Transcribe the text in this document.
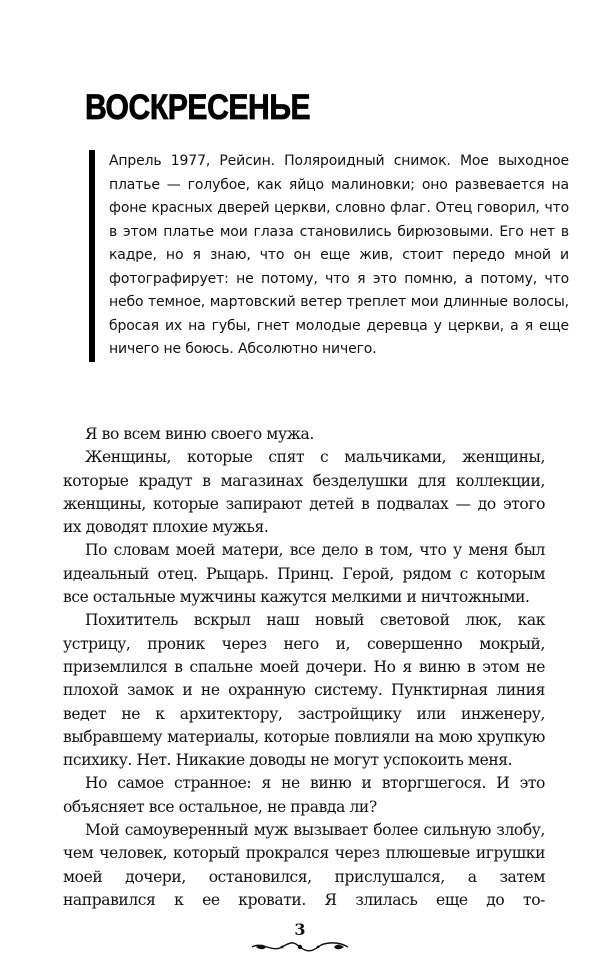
ВОСКРЕСЕНЬЕ

Апрель 1977, Рейсин. Поляроидный снимок. Мое выходное платье — голубое, как яйцо малиновки; оно развевается на фоне красных дверей церкви, словно флаг. Отец говорил, что в этом платье мои глаза становились бирюзовыми. Его нет в кадре, но я знаю, что он еще жив, стоит передо мной и фотографирует: не потому, что я это помню, а потому, что небо темное, мартовский ветер треплет мои длинные волосы, бросая их на губы, гнет молодые деревца у церкви, а я еще ничего не боюсь. Абсолютно ничего.

Я во всем виню своего мужа.

Женщины, которые спят с мальчиками, женщины, которые крадут в магазинах безделушки для коллекции, женщины, которые запирают детей в подвалах — до этого их доводят плохие мужья.

По словам моей матери, все дело в том, что у меня был идеальный отец. Рыцарь. Принц. Герой, рядом с которым все остальные мужчины кажутся мелкими и ничтожными.

Похититель вскрыл наш новый световой люк, как устрицу, проник через него и, совершенно мокрый, приземлился в спальне моей дочери. Но я виню в этом не плохой замок и не охранную систему. Пунктирная линия ведет не к архитектору, застройщику или инженеру, выбравшему материалы, которые повлияли на мою хрупкую психику. Нет. Никакие доводы не могут успокоить меня.

Но самое странное: я не виню и вторгшегося. И это объясняет все остальное, не правда ли?

Мой самоуверенный муж вызывает более сильную злобу, чем человек, который прокрался через плюшевые игрушки моей дочери, остановился, прислушался, а затем направился к ее кровати. Я злилась еще до то-

3
